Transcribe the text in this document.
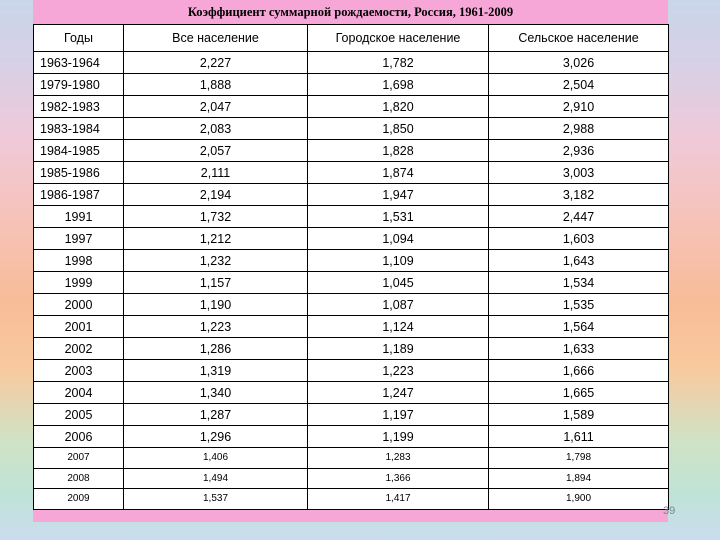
Коэффициент суммарной рождаемости, Россия, 1961-2009
Годы	Все население	Городское население	Сельское население
1963-1964	2,227	1,782	3,026
1979-1980	1,888	1,698	2,504
1982-1983	2,047	1,820	2,910
1983-1984	2,083	1,850	2,988
1984-1985	2,057	1,828	2,936
1985-1986	2,111	1,874	3,003
1986-1987	2,194	1,947	3,182
1991	1,732	1,531	2,447
1997	1,212	1,094	1,603
1998	1,232	1,109	1,643
1999	1,157	1,045	1,534
2000	1,190	1,087	1,535
2001	1,223	1,124	1,564
2002	1,286	1,189	1,633
2003	1,319	1,223	1,666
2004	1,340	1,247	1,665
2005	1,287	1,197	1,589
2006	1,296	1,199	1,611
2007	1,406	1,283	1,798
2008	1,494	1,366	1,894
2009	1,537	1,417	1,900
39
